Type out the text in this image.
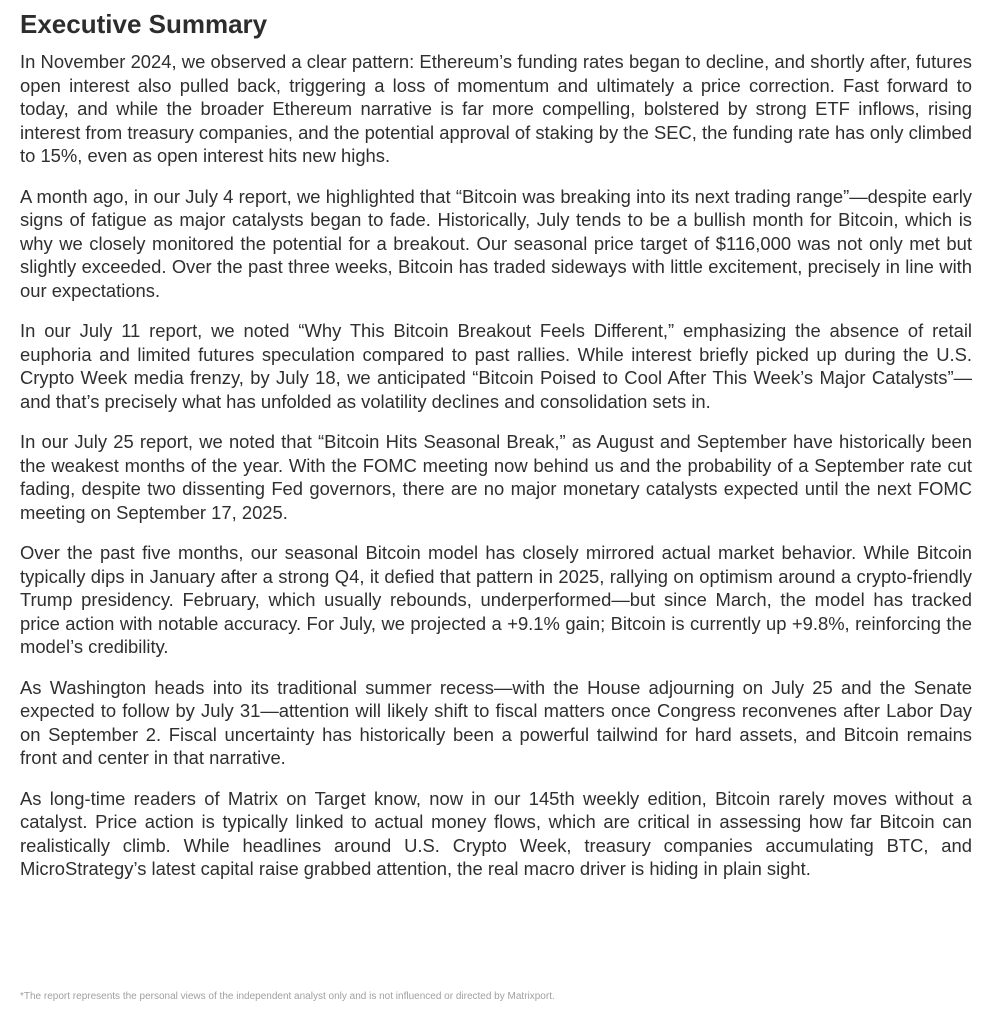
Executive Summary

In November 2024, we observed a clear pattern: Ethereum’s funding rates began to decline, and shortly after, futures open interest also pulled back, triggering a loss of momentum and ultimately a price correction. Fast forward to today, and while the broader Ethereum narrative is far more compelling, bolstered by strong ETF inflows, rising interest from treasury companies, and the potential approval of staking by the SEC, the funding rate has only climbed to 15%, even as open interest hits new highs.

A month ago, in our July 4 report, we highlighted that “Bitcoin was breaking into its next trading range”—despite early signs of fatigue as major catalysts began to fade. Historically, July tends to be a bullish month for Bitcoin, which is why we closely monitored the potential for a breakout. Our seasonal price target of $116,000 was not only met but slightly exceeded. Over the past three weeks, Bitcoin has traded sideways with little excitement, precisely in line with our expectations.

In our July 11 report, we noted “Why This Bitcoin Breakout Feels Different,” emphasizing the absence of retail euphoria and limited futures speculation compared to past rallies. While interest briefly picked up during the U.S. Crypto Week media frenzy, by July 18, we anticipated “Bitcoin Poised to Cool After This Week’s Major Catalysts”—and that’s precisely what has unfolded as volatility declines and consolidation sets in.

In our July 25 report, we noted that “Bitcoin Hits Seasonal Break,” as August and September have historically been the weakest months of the year. With the FOMC meeting now behind us and the probability of a September rate cut fading, despite two dissenting Fed governors, there are no major monetary catalysts expected until the next FOMC meeting on September 17, 2025.

Over the past five months, our seasonal Bitcoin model has closely mirrored actual market behavior. While Bitcoin typically dips in January after a strong Q4, it defied that pattern in 2025, rallying on optimism around a crypto-friendly Trump presidency. February, which usually rebounds, underperformed—but since March, the model has tracked price action with notable accuracy. For July, we projected a +9.1% gain; Bitcoin is currently up +9.8%, reinforcing the model’s credibility.

As Washington heads into its traditional summer recess—with the House adjourning on July 25 and the Senate expected to follow by July 31—attention will likely shift to fiscal matters once Congress reconvenes after Labor Day on September 2. Fiscal uncertainty has historically been a powerful tailwind for hard assets, and Bitcoin remains front and center in that narrative.

As long-time readers of Matrix on Target know, now in our 145th weekly edition, Bitcoin rarely moves without a catalyst. Price action is typically linked to actual money flows, which are critical in assessing how far Bitcoin can realistically climb. While headlines around U.S. Crypto Week, treasury companies accumulating BTC, and MicroStrategy’s latest capital raise grabbed attention, the real macro driver is hiding in plain sight.

*The report represents the personal views of the independent analyst only and is not influenced or directed by Matrixport.
